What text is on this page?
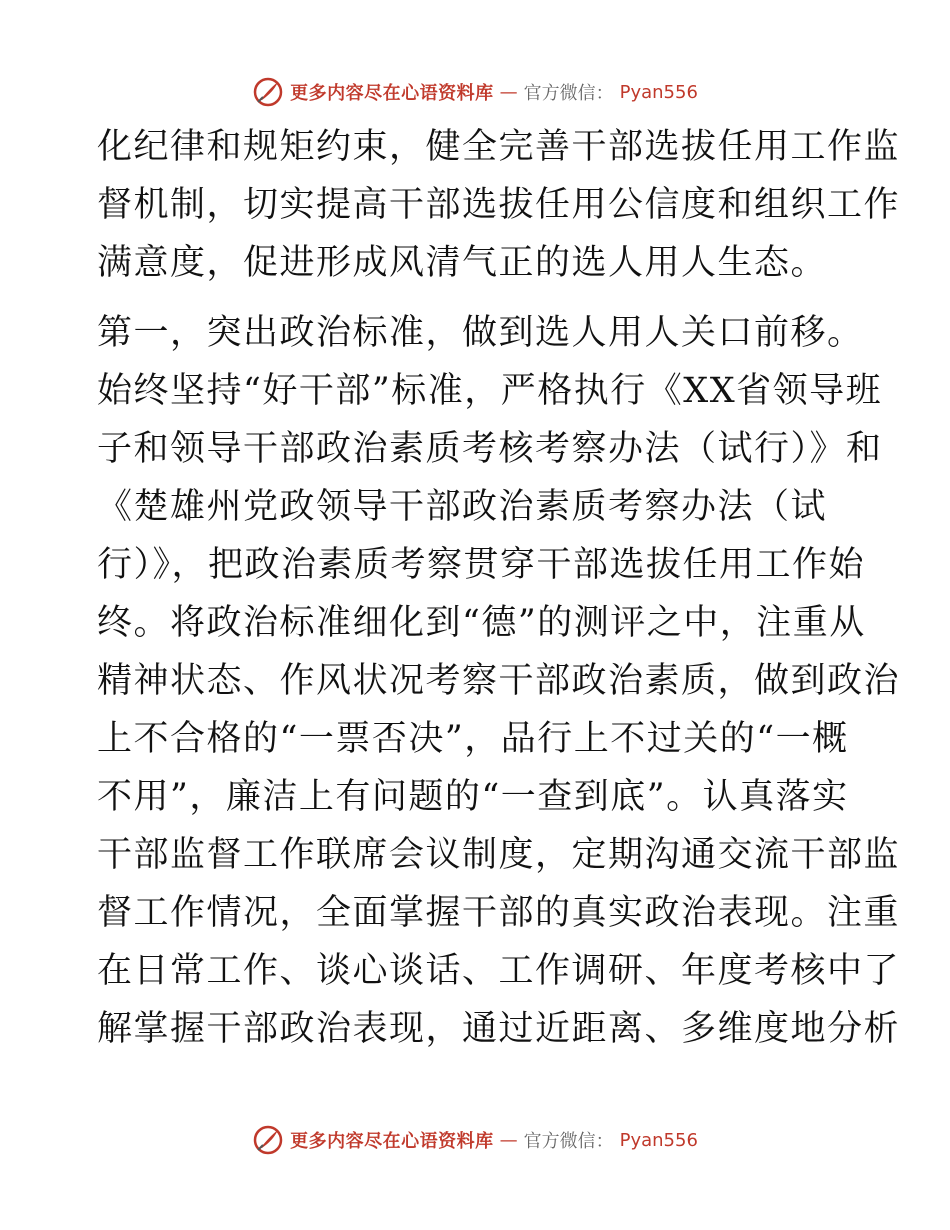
更多内容尽在心语资料库 — 官方微信： Pyan556
化纪律和规矩约束，健全完善干部选拔任用工作监
督机制，切实提高干部选拔任用公信度和组织工作
满意度，促进形成风清气正的选人用人生态。
第一，突出政治标准，做到选人用人关口前移。
始终坚持“好干部”标准，严格执行《XX省领导班
子和领导干部政治素质考核考察办法（试行）》和
《楚雄州党政领导干部政治素质考察办法（试
行）》，把政治素质考察贯穿干部选拔任用工作始
终。将政治标准细化到“德”的测评之中，注重从
精神状态、作风状况考察干部政治素质，做到政治
上不合格的“一票否决”，品行上不过关的“一概
不用”，廉洁上有问题的“一查到底”。认真落实
干部监督工作联席会议制度，定期沟通交流干部监
督工作情况，全面掌握干部的真实政治表现。注重
在日常工作、谈心谈话、工作调研、年度考核中了
解掌握干部政治表现，通过近距离、多维度地分析
更多内容尽在心语资料库 — 官方微信： Pyan556
